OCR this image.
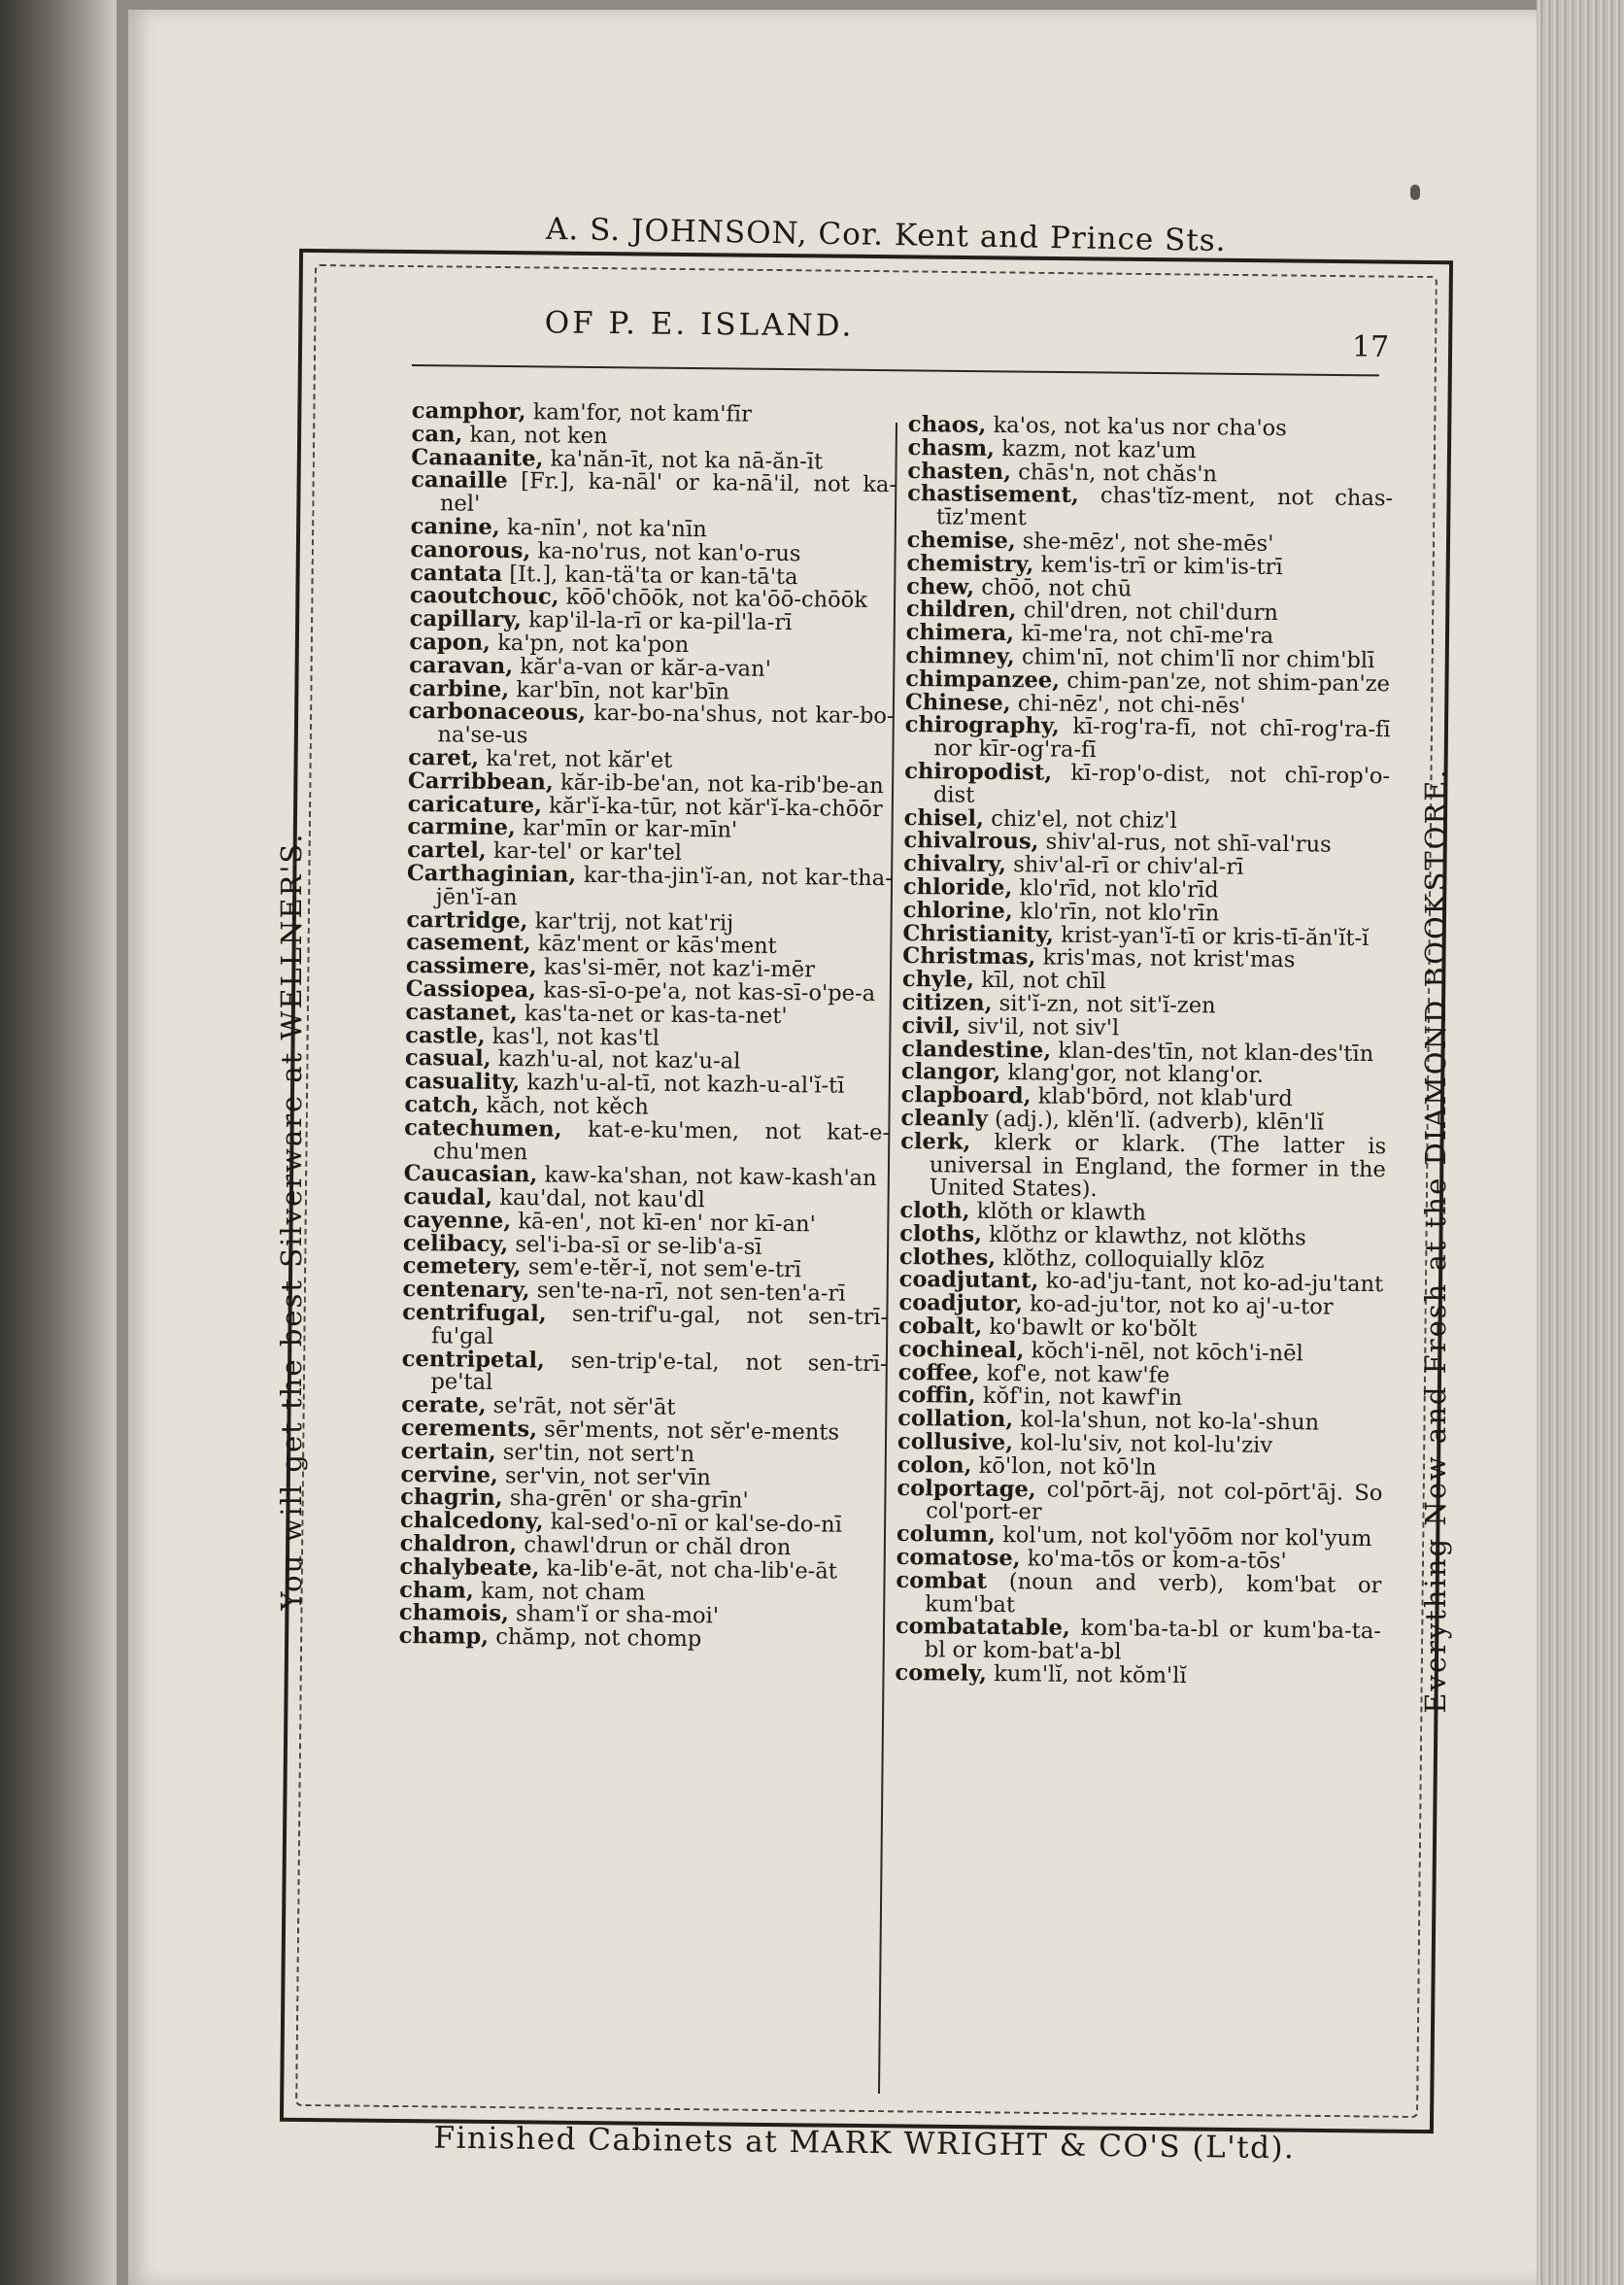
A. S. JOHNSON, Cor. Kent and Prince Sts.
OF P. E. ISLAND.
17
You will get the best Silverware at WELLNER'S.	Everything New and Fresh at the DIAMOND BOOKSTORE.
camphor, kam'for, not kam'fīr
can, kan, not ken
Canaanite, ka'năn-īt, not ka nā-ăn-īt
canaille [Fr.], ka-nāl' or ka-nā'il, not ka-nel'
canine, ka-nīn', not ka'nīn
canorous, ka-no'rus, not kan'o-rus
cantata [It.], kan-tä'ta or kan-tā'ta
caoutchouc, kōō'chōōk, not ka'ōō-chōōk
capillary, kap'il-la-rī or ka-pil'la-rī
capon, ka'pn, not ka'pon
caravan, kăr'a-van or kăr-a-van'
carbine, kar'bīn, not kar'bīn
carbonaceous, kar-bo-na'shus, not kar-bo-na'se-us
caret, ka'ret, not kăr'et
Carribbean, kăr-ib-be'an, not ka-rib'be-an
caricature, kăr'ĭ-ka-tūr, not kăr'ĭ-ka-chōōr
carmine, kar'mīn or kar-mīn'
cartel, kar-tel' or kar'tel
Carthaginian, kar-tha-jin'ĭ-an, not kar-tha-jēn'ĭ-an
cartridge, kar'trij, not kat'rij
casement, kāz'ment or kās'ment
cassimere, kas'si-mēr, not kaz'i-mēr
Cassiopea, kas-sī-o-pe'a, not kas-sī-o'pe-a
castanet, kas'ta-net or kas-ta-net'
castle, kas'l, not kas'tl
casual, kazh'u-al, not kaz'u-al
casuality, kazh'u-al-tī, not kazh-u-al'ĭ-tī
catch, kăch, not kěch
catechumen, kat-e-ku'men, not kat-e-chu'men
Caucasian, kaw-ka'shan, not kaw-kash'an
caudal, kau'dal, not kau'dl
cayenne, kā-en', not kī-en' nor kī-an'
celibacy, sel'i-ba-sī or se-lib'a-sī
cemetery, sem'e-tĕr-ĭ, not sem'e-trī
centenary, sen'te-na-rī, not sen-ten'a-rī
centrifugal, sen-trif'u-gal, not sen-trī-fu'gal
centripetal, sen-trip'e-tal, not sen-trī-pe'tal
cerate, se'rāt, not sĕr'āt
cerements, sēr'ments, not sĕr'e-ments
certain, ser'tin, not sert'n
cervine, ser'vin, not ser'vīn
chagrin, sha-grēn' or sha-grīn'
chalcedony, kal-sed'o-nī or kal'se-do-nī
chaldron, chawl'drun or chăl dron
chalybeate, ka-lib'e-āt, not cha-lib'e-āt
cham, kam, not cham
chamois, sham'ĭ or sha-moi'
champ, chămp, not chomp
chaos, ka'os, not ka'us nor cha'os
chasm, kazm, not kaz'um
chasten, chās'n, not chăs'n
chastisement, chas'tĭz-ment, not chas-tīz'ment
chemise, she-mēz', not she-mēs'
chemistry, kem'is-trī or kim'is-trī
chew, chōō, not chū
children, chil'dren, not chil'durn
chimera, kī-me'ra, not chī-me'ra
chimney, chim'nī, not chim'lī nor chim'blī
chimpanzee, chim-pan'ze, not shim-pan'ze
Chinese, chi-nēz', not chi-nēs'
chirography, kī-rog'ra-fī, not chī-rog'ra-fī nor kīr-og'ra-fī
chiropodist, kī-rop'o-dist, not chī-rop'o-dist
chisel, chiz'el, not chiz'l
chivalrous, shiv'al-rus, not shī-val'rus
chivalry, shiv'al-rī or chiv'al-rī
chloride, klo'rīd, not klo'rīd
chlorine, klo'rīn, not klo'rīn
Christianity, krist-yan'ĭ-tī or kris-tī-ăn'ĭt-ĭ
Christmas, kris'mas, not krist'mas
chyle, kīl, not chīl
citizen, sit'ĭ-zn, not sit'ĭ-zen
civil, siv'il, not siv'l
clandestine, klan-des'tīn, not klan-des'tīn
clangor, klang'gor, not klang'or.
clapboard, klab'bōrd, not klab'urd
cleanly (adj.), klĕn'lĭ. (adverb), klēn'lĭ
clerk, klerk or klark. (The latter is universal in England, the former in the United States).
cloth, klŏth or klawth
cloths, klŏthz or klawthz, not klŏths
clothes, klŏthz, colloquially klōz
coadjutant, ko-ad'ju-tant, not ko-ad-ju'tant
coadjutor, ko-ad-ju'tor, not ko aj'-u-tor
cobalt, ko'bawlt or ko'bŏlt
cochineal, kŏch'i-nēl, not kōch'i-nēl
coffee, kof'e, not kaw'fe
coffin, kŏf'in, not kawf'in
collation, kol-la'shun, not ko-la'-shun
collusive, kol-lu'siv, not kol-lu'ziv
colon, kō'lon, not kō'ln
colportage, col'pōrt-āj, not col-pōrt'āj. So col'port-er
column, kol'um, not kol'yōōm nor kol'yum
comatose, ko'ma-tōs or kom-a-tōs'
combat (noun and verb), kom'bat or kum'bat
combatatable, kom'ba-ta-bl or kum'ba-ta-bl or kom-bat'a-bl
comely, kum'lĭ, not kŏm'lĭ
Finished Cabinets at MARK WRIGHT & CO'S (L'td).
